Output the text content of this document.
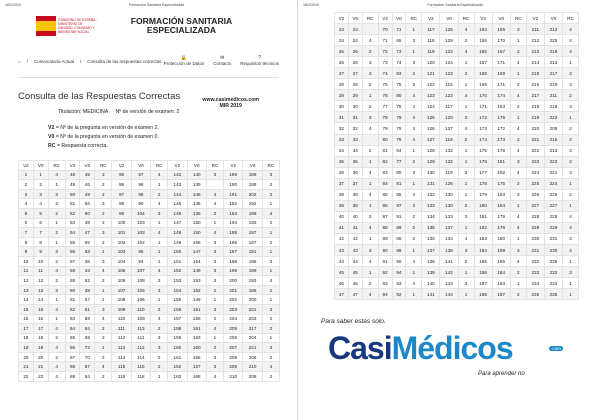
18/2/2019	Formación Sanitaria Especializada
GOBIERNO DE ESPAÑA · MINISTERIO DE SANIDAD, CONSUMO Y BIENESTAR SOCIAL
FORMACIÓN SANITARIA
ESPECIALIZADA
⌂ / Convocatoria Actual / Consulta de las respuestas correctas
🔒
Protección de Datos
✉
Contacto
?
Requisitos técnicos
Consulta de las Respuestas Correctas	www.casimedicos.com
MIR 2019
Titulación: MEDICINA Nº de versión de examen: 2
V2 = Nº de la pregunta en versión de examen 2.
V0 = Nº de la pregunta en versión de examen 0.
RC = Respuesta correcta.
V2	V0	RC	V2	V0	RC	V2	V0	RC	V2	V0	RC	V2	V0	RC
1	1	4	48	45	3	95	57	4	142	140	3	189	186	3
2	2	1	49	46	2	96	96	1	143	139		190	188	2
3	3	3	50	49	2	97	98	2	144	146	4	191	202	3
4	4	2	51	56	3	98	90	4	145	145	4	192	192	1
5	5	2	52	60	2	99	104	3	146	135	2	193	196	4
6	6	1	53	48	2	100	103	1	147	150	1	194	193	2
7	7	2	54	47	3	101	103	4	148	150	4	195	197	1
8	8	1	55	55	2	102	102	1	149	155	3	196	197	2
9	9	3	56	63	1	103	95	1	150	147	3	197	191	1
10	10	2	57	36	3	104	94	1	151	154	3	198	198	3
11	11	4	58	43	4	105	107	4	152	149	3	199	199	1
12	12	2	59	62	2	106	108	3	153	153	3	200	193	4
13	13	3	60	38	1	107	105	3	154	152	2	201	195	2
14	14	1	61	57	1	108	106	1	155	149	1	202	200	1
15	15	4	62	51	3	109	110	2	156	151	3	203	201	3
16	16	1	63	58	4	110	109	4	157	158	2	204	203	2
17	17	4	64	64	2	111	113	2	158	161	4	205	217	2
18	18	2	65	69	2	112	111	3	159	163	1	206	204	1
19	19	4	66	72	1	113	112	3	160	160	2	207	221	3
20	20	2	67	70	2	114	114	2	161	156	3	208	206	2
21	21	4	68	67	4	115	116	2	162	157	3	209	210	4
22	22	4	69	64	2	116	118	1	163	168	4	210	208	2
18/2/2019	Formación Sanitaria Especializada
V2	V0	RC	V2	V0	RC	V2	V0	RC	V2	V0	RC	V2	V0	RC
23	23		70	71	1	117	125	4	164	165	3	211	212	4
24	24	4	71	65	3	118	129	2	165	170	1	212	225	4
25	25	3	72	73	1	119	122	4	166	167	2	213	216	4
26	26	3	73	74	3	120	124	1	167	171	4	214	213	1
27	27	3	74	83	2	121	123	3	168	169	1	215	217	3
28	28	2	75	75	2	122	116	1	169	171	2	216	219	3
29	29	1	76	80	4	123	122	4	170	174	4	217	211	2
30	30	2	77	78	4	124	117	1	171	163	2	218	218	3
31	31	3	78	79	4	125	120	3	172	175	1	219	222	1
32	32	4	79	79	4	126	127	4	173	172	4	220	205	2
33	33		80	76	4	127	118	2	174	173	2	221	215	2
34	34	2	81	84	1	128	132	1	175	178	4	222	213	3
35	35	1	82	77	2	129	132	1	176	181	3	223	223	2
36	36	4	83	80	3	130	119	3	177	182	4	224	221	3
37	37	1	84	81	1	131	126	1	178	175	2	225	224	1
38	38	4	85	85	4	132	130	1	179	183	3	226	226	2
39	39	1	86	87	3	133	130	2	180	184	1	227	227	1
40	40	3	87	91	2	134	133	3	181	179	4	228	228	4
41	41	4	88	89	2	135	137	1	182	176	4	229	229	4
42	42	1	89	86	2	136	134	4	183	180	1	230	231	3
43	43	3	90	88	1	137	138	3	184	189	3	231	230	4
44	44	4	91	90	4	138	141	2	185	185	4	232	236	1
45	45	1	92	94	1	139	142	1	186	184	2	233	232	3
46	46	2	93	93	4	140	143	3	187	183	1	234	233	1
47	47	4	94	92	1	141	144	1	188	187	2	235	235	1
Para saber estas solo.
CasiMédicos	.com
Para aprender no
